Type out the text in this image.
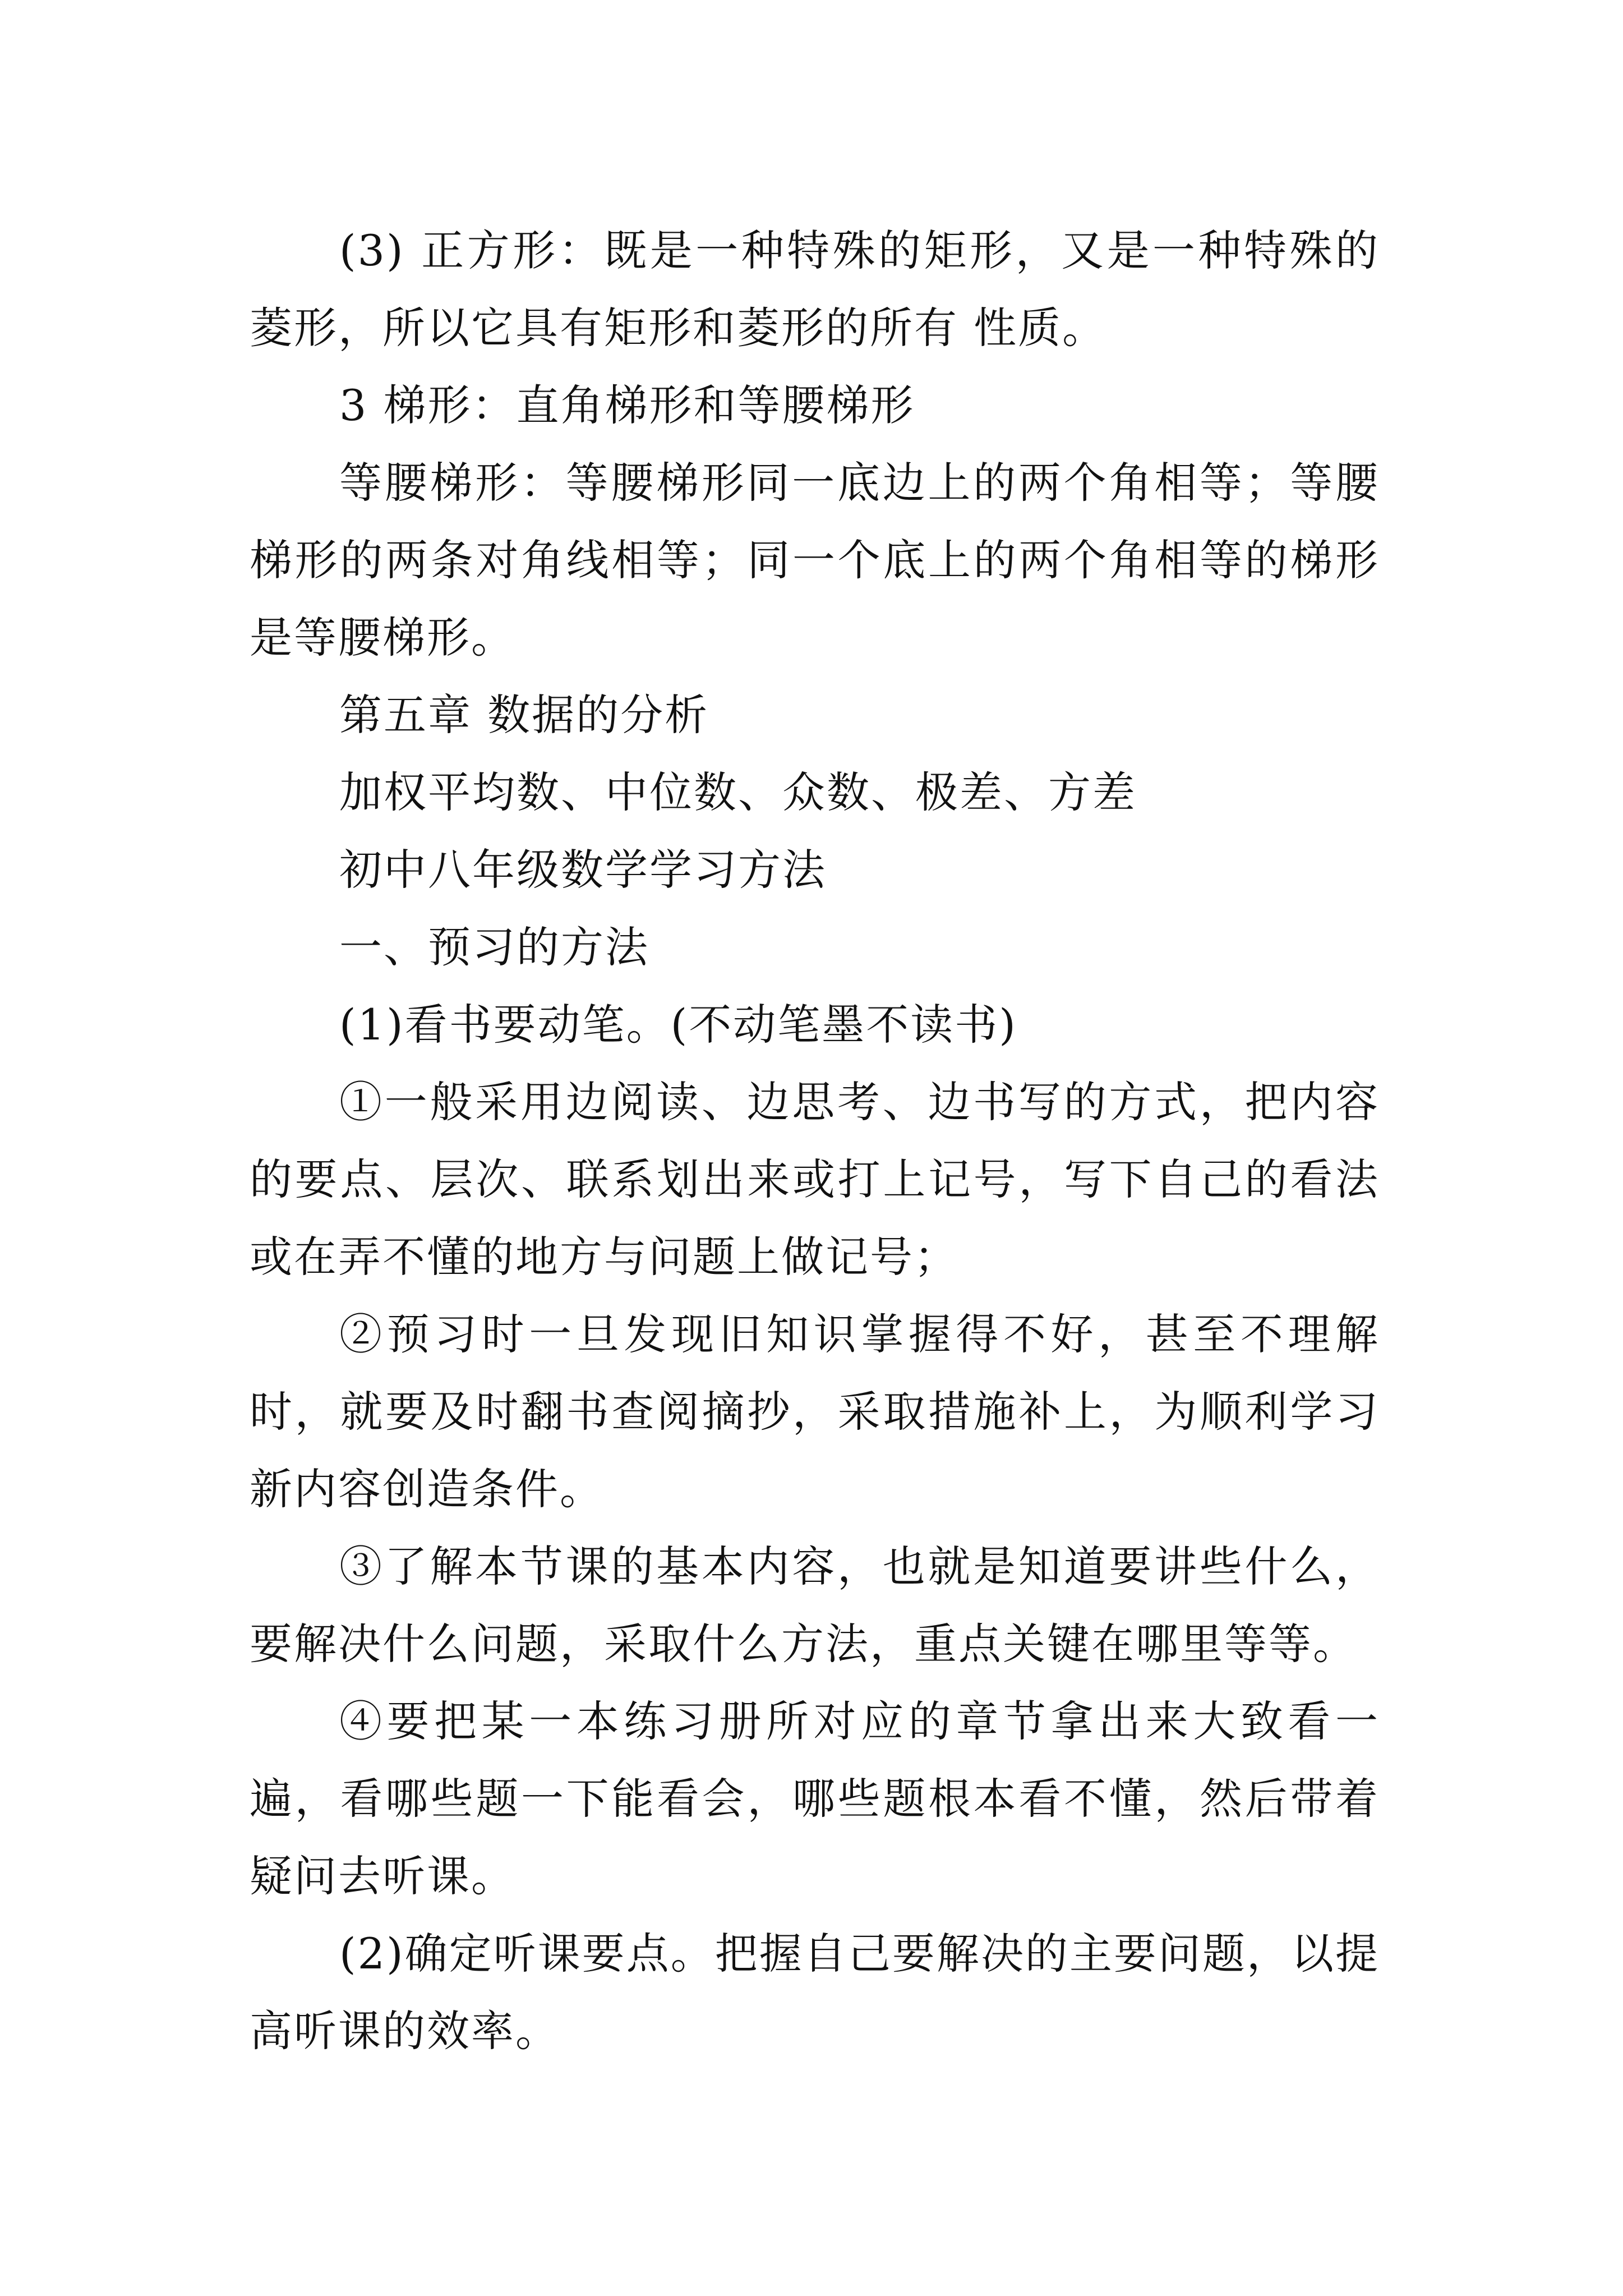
(3) 正方形：既是一种特殊的矩形，又是一种特殊的菱形，所以它具有矩形和菱形的所有 性质。

3 梯形：直角梯形和等腰梯形

等腰梯形：等腰梯形同一底边上的两个角相等；等腰梯形的两条对角线相等；同一个底上的两个角相等的梯形是等腰梯形。

第五章 数据的分析

加权平均数、中位数、众数、极差、方差

初中八年级数学学习方法

一、预习的方法

(1)看书要动笔。(不动笔墨不读书)

①一般采用边阅读、边思考、边书写的方式，把内容的要点、层次、联系划出来或打上记号，写下自己的看法或在弄不懂的地方与问题上做记号；

②预习时一旦发现旧知识掌握得不好，甚至不理解时，就要及时翻书查阅摘抄，采取措施补上，为顺利学习新内容创造条件。

③了解本节课的基本内容，也就是知道要讲些什么，要解决什么问题，采取什么方法，重点关键在哪里等等。

④要把某一本练习册所对应的章节拿出来大致看一遍，看哪些题一下能看会，哪些题根本看不懂，然后带着疑问去听课。

(2)确定听课要点。把握自己要解决的主要问题，以提高听课的效率。
